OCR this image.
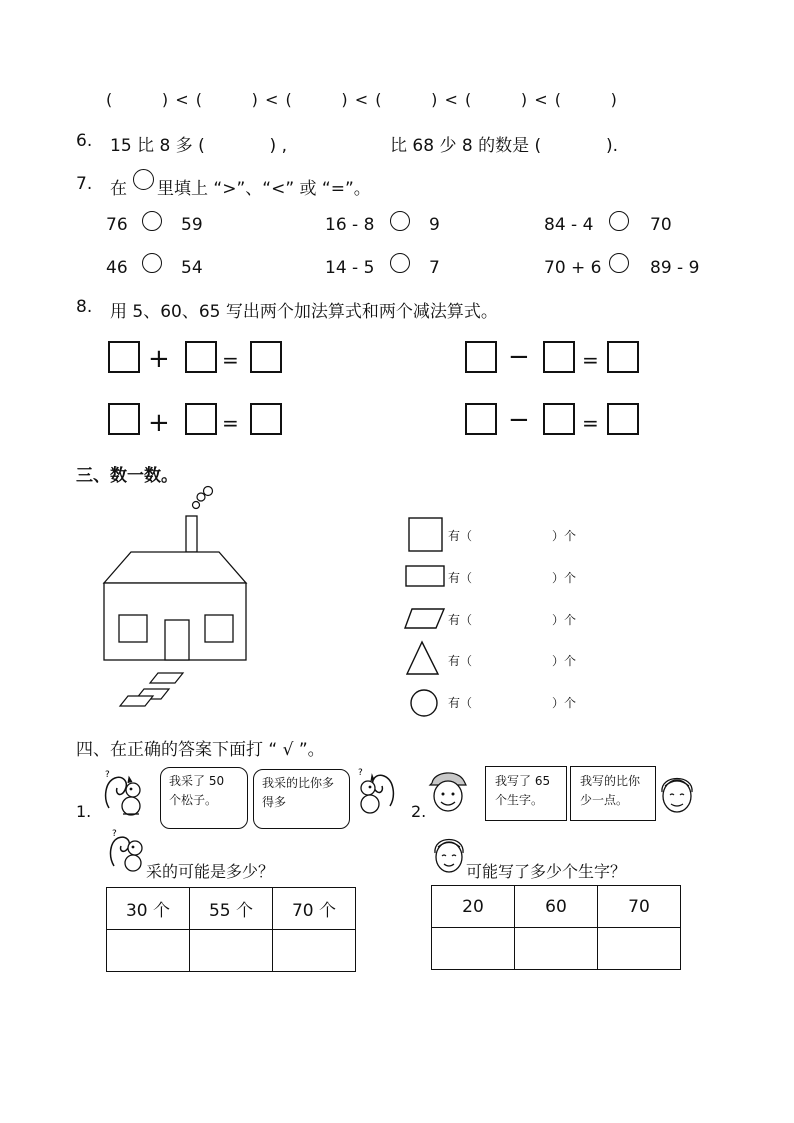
(        ) < (        ) < (        ) < (        ) < (        ) < (        )
6. 15 比 8 多 (            ) ,	比 68 少 8 的数是 (            ).
7. 在 里填上 “>”、“<” 或 “=”。
76	59	16 - 8	9	84 - 4	70
46	54	14 - 5	7	70 + 6	89 - 9
8. 用 5、60、65 写出两个加法算式和两个减法算式。
+	=
+	=
−	=
−	=
三、数一数。
有（	）个
有（	）个
有（	）个
有（	）个
有（	）个
四、在正确的答案下面打 “ √ ”。
1.
?	我采了 50 个松子。
我采的比你多得多
?
?
采的可能是多少？
30 个	55 个	70 个

2.
我写了 65 个生字。
我写的比你少一点。
可能写了多少个生字？
20	60	70
